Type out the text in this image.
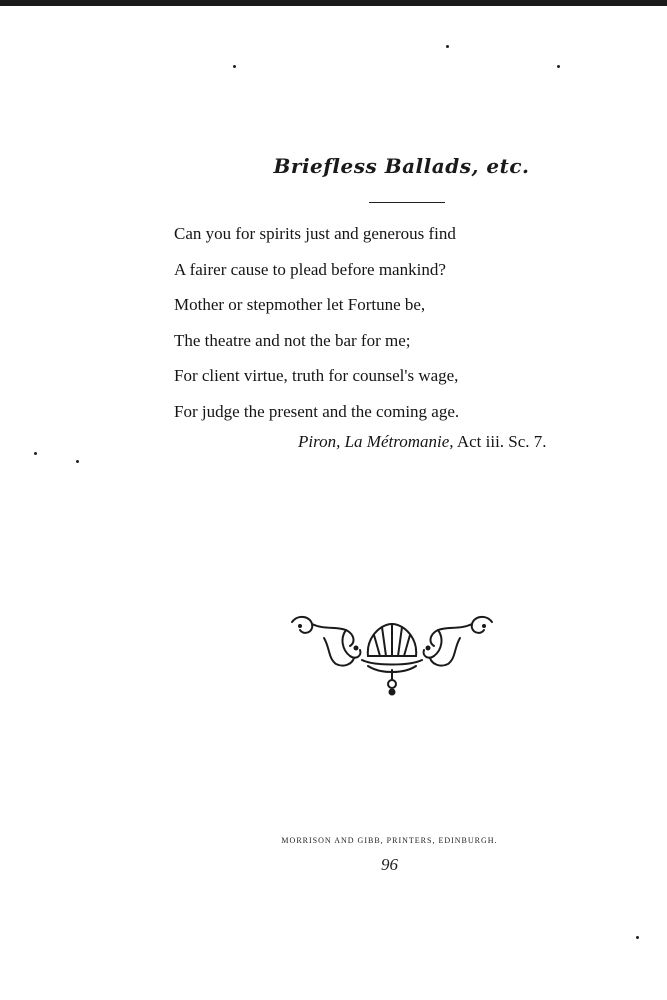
Briefless Ballads, etc.
Can you for spirits just and generous find
A fairer cause to plead before mankind?
Mother or stepmother let Fortune be,
The theatre and not the bar for me;
For client virtue, truth for counsel's wage,
For judge the present and the coming age.
Piron, La Métromanie, Act iii. Sc. 7.
MORRISON AND GIBB, PRINTERS, EDINBURGH.
96
